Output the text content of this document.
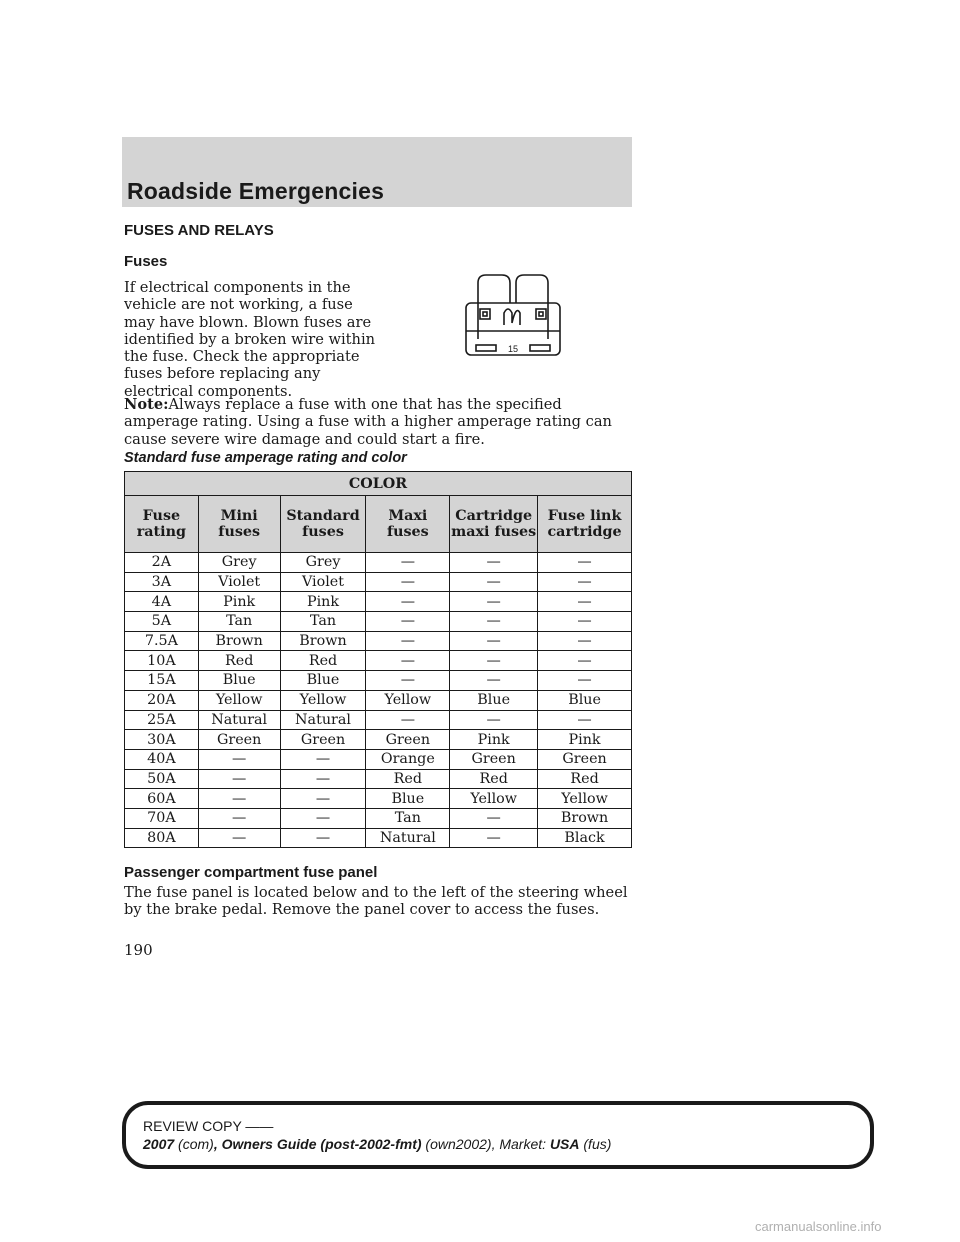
Roadside Emergencies
FUSES AND RELAYS
Fuses

If electrical components in the vehicle are not working, a fuse may have blown. Blown fuses are identified by a broken wire within the fuse. Check the appropriate fuses before replacing any electrical components.

15

Note:Always replace a fuse with one that has the specified amperage rating. Using a fuse with a higher amperage rating can cause severe wire damage and could start a fire.

Standard fuse amperage rating and color

COLOR					
Fuse rating	Mini fuses	Standard fuses	Maxi fuses	Cartridge maxi fuses	Fuse link cartridge
2A	Grey	Grey	—	—	—
3A	Violet	Violet	—	—	—
4A	Pink	Pink	—	—	—
5A	Tan	Tan	—	—	—
7.5A	Brown	Brown	—	—	—
10A	Red	Red	—	—	—
15A	Blue	Blue	—	—	—
20A	Yellow	Yellow	Yellow	Blue	Blue
25A	Natural	Natural	—	—	—
30A	Green	Green	Green	Pink	Pink
40A	—	—	Orange	Green	Green
50A	—	—	Red	Red	Red
60A	—	—	Blue	Yellow	Yellow
70A	—	—	Tan	—	Brown
80A	—	—	Natural	—	Black
Passenger compartment fuse panel

The fuse panel is located below and to the left of the steering wheel by the brake pedal. Remove the panel cover to access the fuses.

190

REVIEW COPY ——

2007 (com), Owners Guide (post-2002-fmt) (own2002), Market: USA (fus)

carmanualsonline.info
